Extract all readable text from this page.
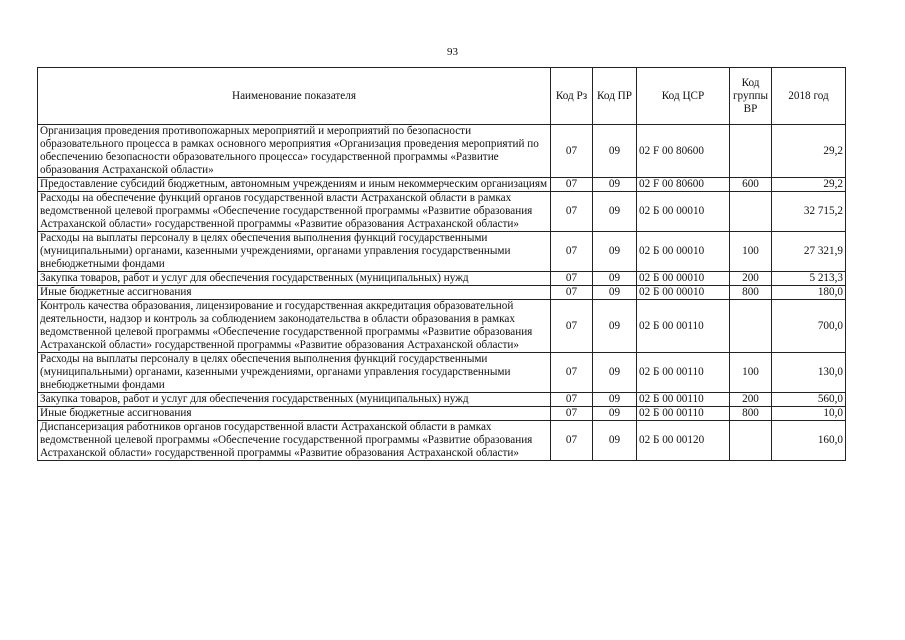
93
Наименование показателя	Код Рз	Код ПР	Код ЦСР	Код группы ВР	2018 год
Организация проведения противопожарных мероприятий и мероприятий по безопасности образовательного процесса в рамках основного мероприятия «Организация проведения мероприятий по обеспечению безопасности образовательного процесса» государственной программы «Развитие образования Астраханской области»	07	09	02 F 00 80600		29,2
Предоставление субсидий бюджетным, автономным учреждениям и иным некоммерческим организациям	07	09	02 F 00 80600	600	29,2
Расходы на обеспечение функций органов государственной власти Астраханской области в рамках ведомственной целевой программы «Обеспечение государственной программы «Развитие образования Астраханской области» государственной программы «Развитие образования Астраханской области»	07	09	02 Б 00 00010		32 715,2
Расходы на выплаты персоналу в целях обеспечения выполнения функций государственными (муниципальными) органами, казенными учреждениями, органами управления государственными внебюджетными фондами	07	09	02 Б 00 00010	100	27 321,9
Закупка товаров, работ и услуг для обеспечения государственных (муниципальных) нужд	07	09	02 Б 00 00010	200	5 213,3
Иные бюджетные ассигнования	07	09	02 Б 00 00010	800	180,0
Контроль качества образования, лицензирование и государственная аккредитация образовательной деятельности, надзор и контроль за соблюдением законодательства в области образования в рамках ведомственной целевой программы «Обеспечение государственной программы «Развитие образования Астраханской области» государственной программы «Развитие образования Астраханской области»	07	09	02 Б 00 00110		700,0
Расходы на выплаты персоналу в целях обеспечения выполнения функций государственными (муниципальными) органами, казенными учреждениями, органами управления государственными внебюджетными фондами	07	09	02 Б 00 00110	100	130,0
Закупка товаров, работ и услуг для обеспечения государственных (муниципальных) нужд	07	09	02 Б 00 00110	200	560,0
Иные бюджетные ассигнования	07	09	02 Б 00 00110	800	10,0
Диспансеризация работников органов государственной власти Астраханской области в рамках ведомственной целевой программы «Обеспечение государственной программы «Развитие образования Астраханской области» государственной программы «Развитие образования Астраханской области»	07	09	02 Б 00 00120		160,0
